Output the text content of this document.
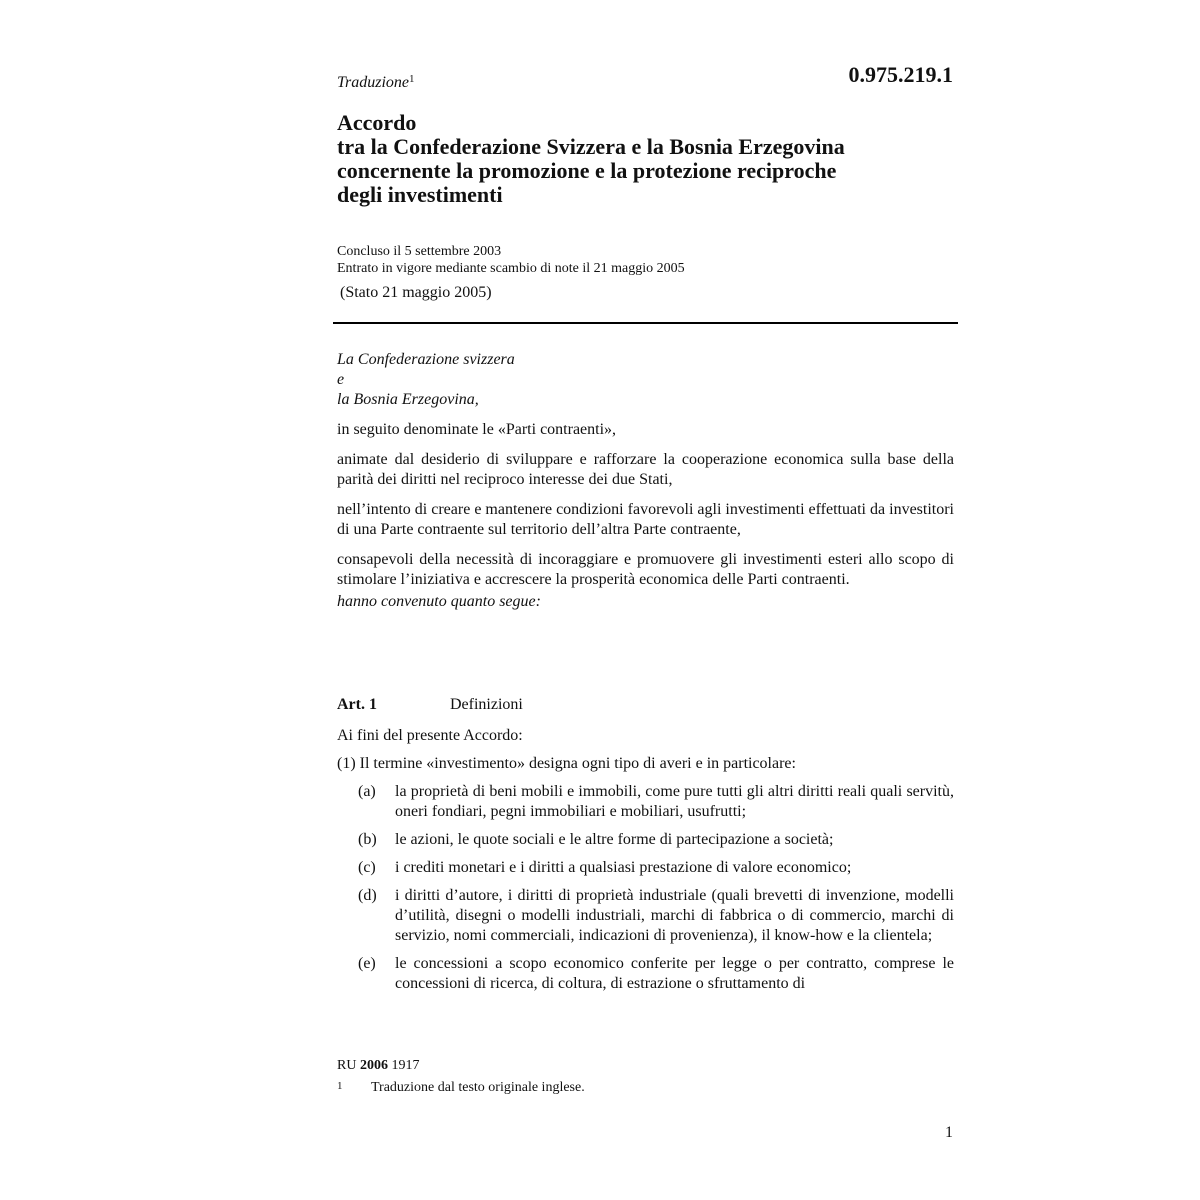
Traduzione$^1$	0.975.219.1
Accordo
tra la Confederazione Svizzera e la Bosnia Erzegovina
concernente la promozione e la protezione reciproche
degli investimenti
Concluso il 5 settembre 2003
Entrato in vigore mediante scambio di note il 21 maggio 2005
(Stato 21 maggio 2005)

La Confederazione svizzera

e

la Bosnia Erzegovina,

in seguito denominate le «Parti contraenti»,

animate dal desiderio di sviluppare e rafforzare la cooperazione economica sulla base della parità dei diritti nel reciproco interesse dei due Stati,

nell’intento di creare e mantenere condizioni favorevoli agli investimenti effettuati da investitori di una Parte contraente sul territorio dell’altra Parte contraente,

consapevoli della necessità di incoraggiare e promuovere gli investimenti esteri allo scopo di stimolare l’iniziativa e accrescere la prosperità economica delle Parti contraenti.

hanno convenuto quanto segue:

Art. 1	Definizioni

Ai fini del presente Accordo:

(1) Il termine «investimento» designa ogni tipo di averi e in particolare:

(a)	la proprietà di beni mobili e immobili, come pure tutti gli altri diritti reali quali servitù, oneri fondiari, pegni immobiliari e mobiliari, usufrutti;
(b)	le azioni, le quote sociali e le altre forme di partecipazione a società;
(c)	i crediti monetari e i diritti a qualsiasi prestazione di valore economico;
(d)	i diritti d’autore, i diritti di proprietà industriale (quali brevetti di invenzione, modelli d’utilità, disegni o modelli industriali, marchi di fabbrica o di commercio, marchi di servizio, nomi commerciali, indicazioni di provenienza), il know-how e la clientela;
(e)	le concessioni a scopo economico conferite per legge o per contratto, comprese le concessioni di ricerca, di coltura, di estrazione o sfruttamento di
RU 2006 1917
1 Traduzione dal testo originale inglese.
1
